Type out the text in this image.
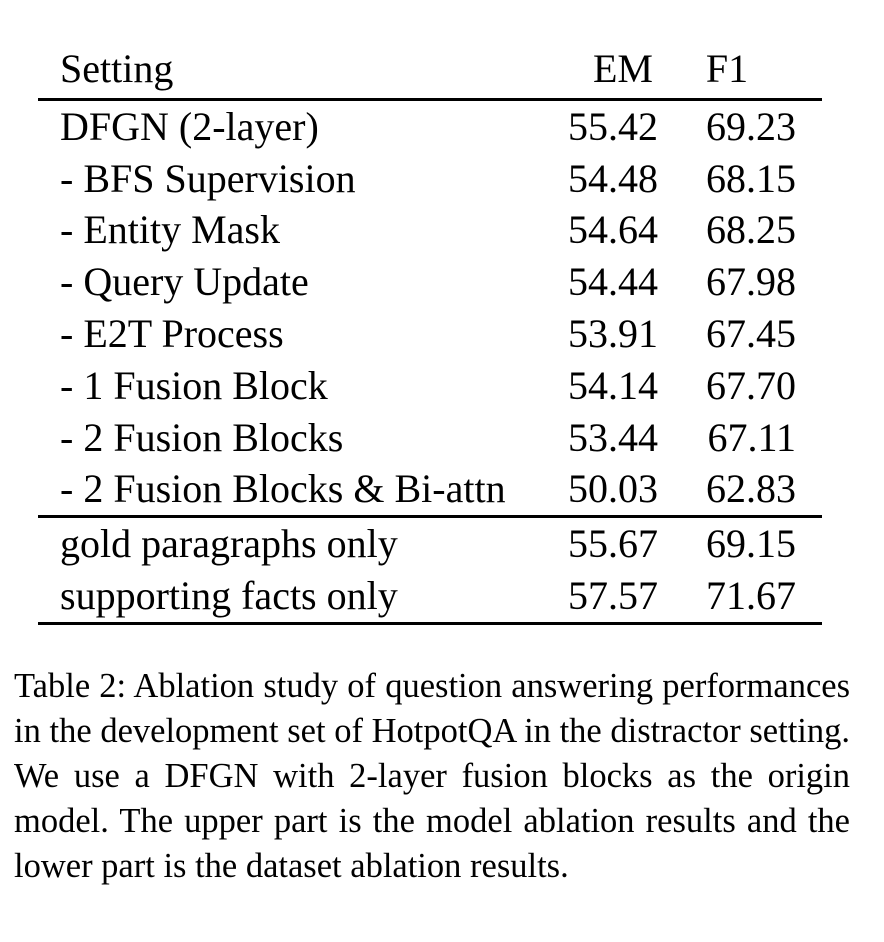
Setting	EM	F1
DFGN (2-layer)	55.42	69.23
- BFS Supervision	54.48	68.15
- Entity Mask	54.64	68.25
- Query Update	54.44	67.98
- E2T Process	53.91	67.45
- 1 Fusion Block	54.14	67.70
- 2 Fusion Blocks	53.44	67.11
- 2 Fusion Blocks & Bi-attn	50.03	62.83
gold paragraphs only	55.67	69.15
supporting facts only	57.57	71.67

Table 2: Ablation study of question answering performances in the development set of HotpotQA in the distractor setting. We use a DFGN with 2-layer fusion blocks as the origin model. The upper part is the model ablation results and the lower part is the dataset ablation results.
